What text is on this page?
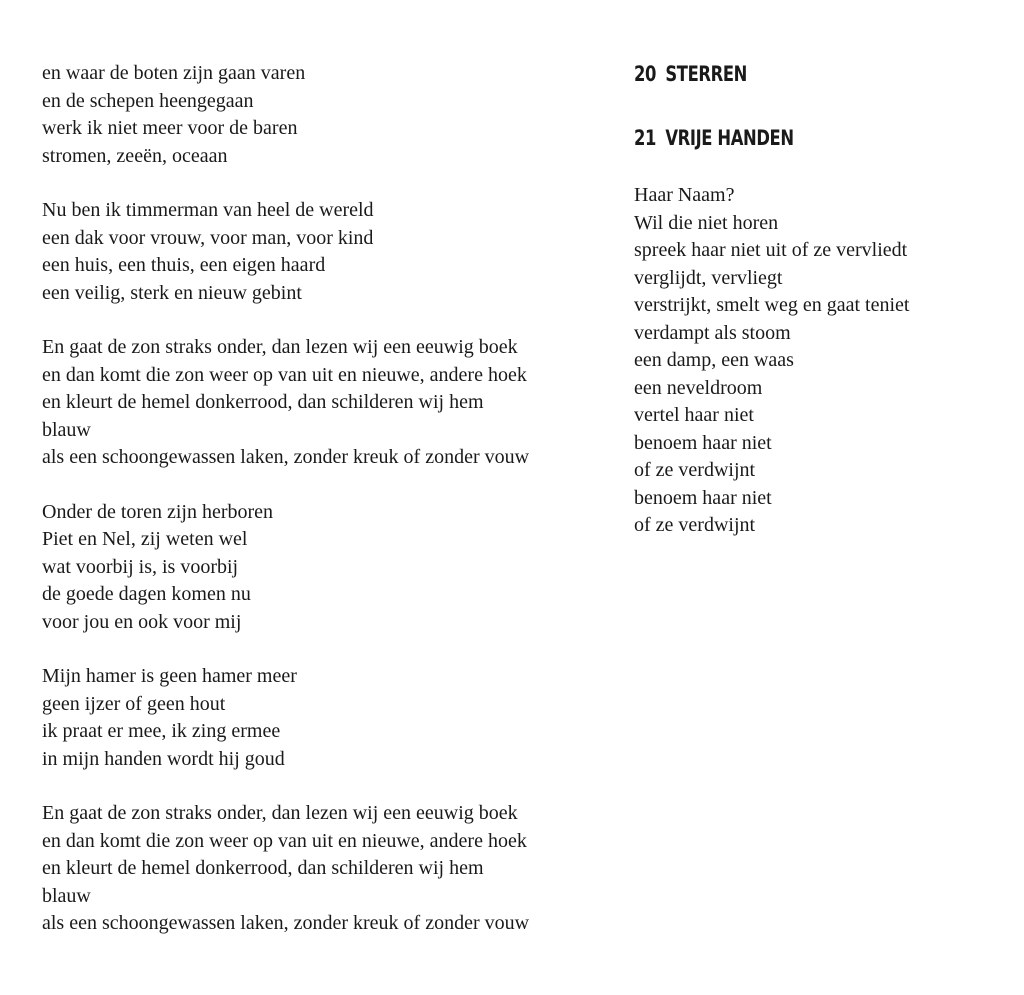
en waar de boten zijn gaan varen
en de schepen heengegaan
werk ik niet meer voor de baren
stromen, zeeën, oceaan
Nu ben ik timmerman van heel de wereld
een dak voor vrouw, voor man, voor kind
een huis, een thuis, een eigen haard
een veilig, sterk en nieuw gebint
En gaat de zon straks onder, dan lezen wij een eeuwig boek
en dan komt die zon weer op van uit en nieuwe, andere hoek
en kleurt de hemel donkerrood, dan schilderen wij hem
blauw
als een schoongewassen laken, zonder kreuk of zonder vouw
Onder de toren zijn herboren
Piet en Nel, zij weten wel
wat voorbij is, is voorbij
de goede dagen komen nu
voor jou en ook voor mij
Mijn hamer is geen hamer meer
geen ijzer of geen hout
ik praat er mee, ik zing ermee
in mijn handen wordt hij goud
En gaat de zon straks onder, dan lezen wij een eeuwig boek
en dan komt die zon weer op van uit en nieuwe, andere hoek
en kleurt de hemel donkerrood, dan schilderen wij hem
blauw
als een schoongewassen laken, zonder kreuk of zonder vouw
20 STERREN
21 VRIJE HANDEN
Haar Naam?
Wil die niet horen
spreek haar niet uit of ze vervliedt
verglijdt, vervliegt
verstrijkt, smelt weg en gaat teniet
verdampt als stoom
een damp, een waas
een neveldroom
vertel haar niet
benoem haar niet
of ze verdwijnt
benoem haar niet
of ze verdwijnt
